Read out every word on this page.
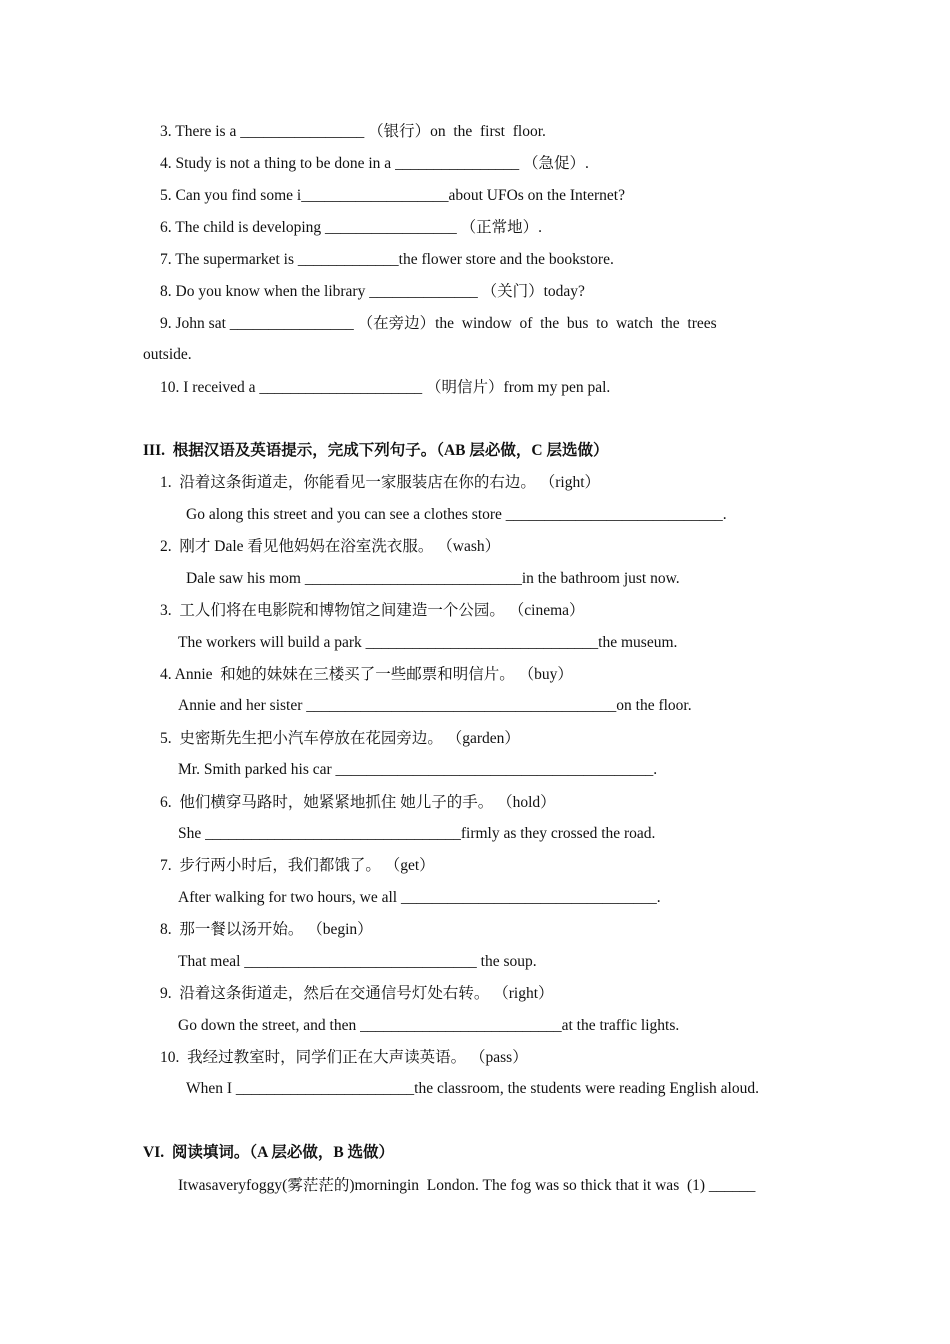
3. There is a ________________ （银行）on  the  first  floor.
4. Study is not a thing to be done in a ________________ （急促）.
5. Can you find some i___________________about UFOs on the Internet?
6. The child is developing _________________ （正常地）.
7. The supermarket is _____________the flower store and the bookstore.
8. Do you know when the library ______________ （关门）today?
9. John sat ________________ （在旁边）the  window  of  the  bus  to  watch  the  trees
outside.
10. I received a _____________________ （明信片）from my pen pal.
III.  根据汉语及英语提示，完成下列句子。（AB 层必做，C 层选做）
1.  沿着这条街道走，你能看见一家服装店在你的右边。 （right）
Go along this street and you can see a clothes store ____________________________.
2.  刚才 Dale 看见他妈妈在浴室洗衣服。 （wash）
Dale saw his mom ____________________________in the bathroom just now.
3.  工人们将在电影院和博物馆之间建造一个公园。 （cinema）
The workers will build a park ______________________________the museum.
4. Annie  和她的妹妹在三楼买了一些邮票和明信片。 （buy）
Annie and her sister ________________________________________on the floor.
5.  史密斯先生把小汽车停放在花园旁边。 （garden）
Mr. Smith parked his car _________________________________________.
6.  他们横穿马路时，她紧紧地抓住 她儿子的手。 （hold）
She _________________________________firmly as they crossed the road.
7.  步行两小时后，我们都饿了。 （get）
After walking for two hours, we all _________________________________.
8.  那一餐以汤开始。 （begin）
That meal ______________________________ the soup.
9.  沿着这条街道走，然后在交通信号灯处右转。 （right）
Go down the street, and then __________________________at the traffic lights.
10.  我经过教室时，同学们正在大声读英语。 （pass）
When I _______________________the classroom, the students were reading English aloud.
VI.  阅读填词。（A 层必做，B 选做）
Itwasaveryfoggy(雾茫茫的)morningin  London. The fog was so thick that it was  (1) ______
